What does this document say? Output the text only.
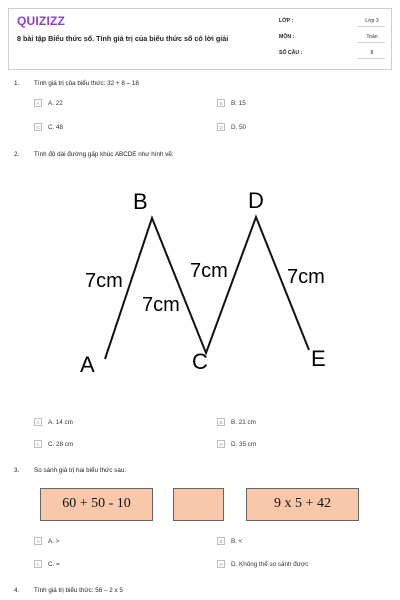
QUIZIZZ
8 bài tập Biểu thức số. Tính giá trị của biểu thức số có lời giải
LỚP :	Lớp 3
MÔN :	Toán
SỐ CÂU :	8
1. Tính giá trị của biểu thức: 32 + 8 – 18
A	A. 22	B	B. 15
C	C. 48	D	D. 50
2. Tính độ dài đường gấp khúc ABCDE như hình vẽ:
A
B
C
D
E
7cm
7cm
7cm	7cm
A	A. 14 cm	B	B. 21 cm
C	C. 28 cm	D	D. 35 cm
3. So sánh giá trị hai biểu thức sau:
60 + 50 - 10	9 x 5 + 42
A	A. >	B	B. <
C	C. =	D	D. Không thể so sánh được
4. Tính giá trị biểu thức: 56 – 2 x 5
